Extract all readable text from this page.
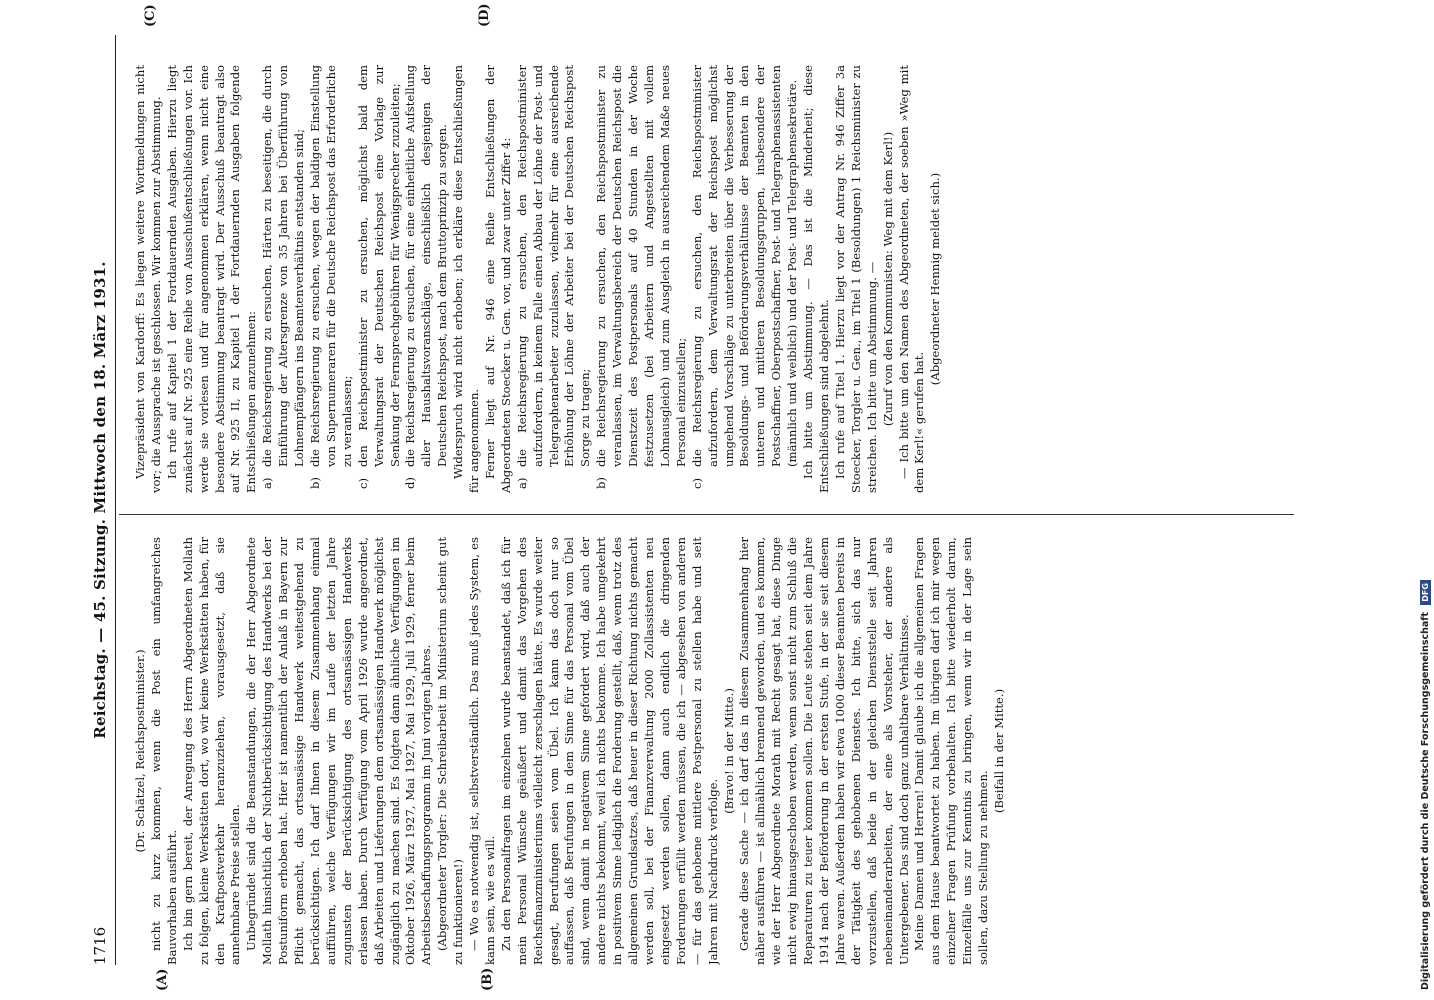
1716
Reichstag. — 45. Sitzung. Mittwoch den 18. März 1931.
(A)	(B)
(C)	(D)

(Dr. Schätzel, Reichspostminister.) nicht zu kurz kommen, wenn die Post ein umfangreiches Bauvorhaben ausführt. Ich bin gern bereit, der Anregung des Herrn Abgeordneten Mollath zu folgen, kleine Werkstätten dort, wo wir keine Werkstätten haben, für den Kraftpostverkehr heranzuziehen, vorausgesetzt, daß sie annehmbare Preise stellen. Unbegründet sind die Beanstandungen, die der Herr Abgeordnete Mollath hinsichtlich der Nichtberücksichtigung des Handwerks bei der Postuniform erhoben hat. Hier ist namentlich der Anlaß in Bayern zur Pflicht gemacht, das ortsansässige Handwerk weitestgehend zu berücksichtigen. Ich darf Ihnen in diesem Zusammenhang einmal aufführen, welche Verfügungen wir im Laufe der letzten Jahre zugunsten der Berücksichtigung des ortsansässigen Handwerks erlassen haben. Durch Verfügung vom April 1926 wurde angeordnet, daß Arbeiten und Lieferungen dem ortsansässigen Handwerk möglichst zugänglich zu machen sind. Es folgten dann ähnliche Verfügungen im Oktober 1926, März 1927, Mai 1927, Mai 1929, Juli 1929, ferner beim Arbeitsbeschaffungsprogramm im Juni vorigen Jahres. (Abgeordneter Torgler: Die Schreibarbeit im Ministerium scheint gut zu funktionieren!) — Wo es notwendig ist, selbstverständlich. Das muß jedes System, es kann sein, wie es will. Zu den Personalfragen im einzelnen wurde beanstandet, daß ich für mein Personal Wünsche geäußert und damit das Vorgehen des Reichsfinanzministeriums vielleicht zerschlagen hätte. Es wurde weiter gesagt, Berufungen seien vom Übel. Ich kann das doch nur so auffassen, daß Berufungen in dem Sinne für das Personal vom Übel sind, wenn damit in negativem Sinne gefordert wird, daß auch der andere nichts bekommt, weil ich nichts bekomme. Ich habe umgekehrt in positivem Sinne lediglich die Forderung gestellt, daß, wenn trotz des allgemeinen Grundsatzes, daß heuer in dieser Richtung nichts gemacht werden soll, bei der Finanzverwaltung 2000 Zollassistenten neu eingesetzt werden sollen, dann auch endlich die dringenden Forderungen erfüllt werden müssen, die ich — abgesehen von anderen — für das gehobene mittlere Postpersonal zu stellen habe und seit Jahren mit Nachdruck verfolge.

(Bravo! in der Mitte.) Gerade diese Sache — ich darf das in diesem Zusammenhang hier näher ausführen — ist allmählich brennend geworden, und es kommen, wie der Herr Abgeordnete Morath mit Recht gesagt hat, diese Dinge nicht ewig hinausgeschoben werden, wenn sonst nicht zum Schluß die Reparaturen zu teuer kommen sollen. Die Leute stehen seit dem Jahre 1914 nach der Beförderung in der ersten Stufe, in der sie seit diesem Jahre waren. Außerdem haben wir etwa 1000 dieser Beamten bereits in der Tätigkeit des gehobenen Dienstes. Ich bitte, sich das nur vorzustellen, daß beide in der gleichen Dienststelle seit Jahren nebeneinanderarbeiten, der eine als Vorsteher, der andere als Untergebener. Das sind doch ganz unhaltbare Verhältnisse. Meine Damen und Herren! Damit glaube ich die allgemeinen Fragen aus dem Hause beantwortet zu haben. Im übrigen darf ich mir wegen einzelner Fragen Prüfung vorbehalten. Ich bitte wiederholt darum, Einzelfälle uns zur Kenntnis zu bringen, wenn wir in der Lage sein sollen, dazu Stellung zu nehmen.

(Beifall in der Mitte.)

Vizepräsident von Kardorff: Es liegen weitere Wortmeldungen nicht vor; die Aussprache ist geschlossen. Wir kommen zur Abstimmung. Ich rufe auf Kapitel 1 der Fortdauernden Ausgaben. Hierzu liegt zunächst auf Nr. 925 eine Reihe von Ausschußentschließungen vor. Ich werde sie vorlesen und für angenommen erklären, wenn nicht eine besondere Abstimmung beantragt wird. Der Ausschuß beantragt also auf Nr. 925 II, zu Kapitel 1 der Fortdauernden Ausgaben folgende Entschließungen anzunehmen: a)
die Reichsregierung zu ersuchen, Härten zu beseitigen, die durch Einführung der Altersgrenze von 35 Jahren bei Überführung von Lohnempfängern ins Beamtenverhältnis entstanden sind;

b)
die Reichsregierung zu ersuchen, wegen der baldigen Einstellung von Supernumeraren für die Deutsche Reichspost das Erforderliche zu veranlassen;

c)
den Reichspostminister zu ersuchen, möglichst bald dem Verwaltungsrat der Deutschen Reichspost eine Vorlage zur Senkung der Fernsprechgebühren für Wenigsprecher zuzuleiten;

d)
die Reichsregierung zu ersuchen, für eine einheitliche Aufstellung aller Haushaltsvoranschläge, einschließlich desjenigen der Deutschen Reichspost, nach dem Bruttoprinzip zu sorgen. Widerspruch wird nicht erhoben; ich erkläre diese Entschließungen für angenommen. Ferner liegt auf Nr. 946 eine Reihe Entschließungen der Abgeordneten Stoecker u. Gen. vor, und zwar unter Ziffer 4: a)
die Reichsregierung zu ersuchen, den Reichspostminister aufzufordern, in keinem Falle einen Abbau der Löhne der Post- und Telegraphenarbeiter zuzulassen, vielmehr für eine ausreichende Erhöhung der Löhne der Arbeiter bei der Deutschen Reichspost Sorge zu tragen;

b)
die Reichsregierung zu ersuchen, den Reichspostminister zu veranlassen, im Verwaltungsbereich der Deutschen Reichspost die Dienstzeit des Postpersonals auf 40 Stunden in der Woche festzusetzen (bei Arbeitern und Angestellten mit vollem Lohnausgleich) und zum Ausgleich in ausreichendem Maße neues Personal einzustellen;

c)
die Reichsregierung zu ersuchen, den Reichspostminister aufzufordern, dem Verwaltungsrat der Reichspost möglichst umgehend Vorschläge zu unterbreiten über die Verbesserung der Besoldungs- und Beförderungsverhältnisse der Beamten in den unteren und mittleren Besoldungsgruppen, insbesondere der Postschaffner, Oberpostschaffner, Post- und Telegraphenassistenten (männlich und weiblich) und der Post- und Telegraphensekretäre. Ich bitte um Abstimmung. — Das ist die Minderheit; diese Entschließungen sind abgelehnt. Ich rufe auf Titel 1. Hierzu liegt vor der Antrag Nr. 946 Ziffer 3a Stoecker, Torgler u. Gen., im Titel 1 (Besoldungen) 1 Reichsminister zu streichen. Ich bitte um Abstimmung. — (Zuruf von den Kommunisten: Weg mit dem Kerl!) — Ich bitte um den Namen des Abgeordneten, der soeben »Weg mit dem Kerl!« gerufen hat.

(Abgeordneter Hennig meldet sich.)

Digitalisierung gefördert durch die Deutsche Forschungsgemeinschaft DFG
